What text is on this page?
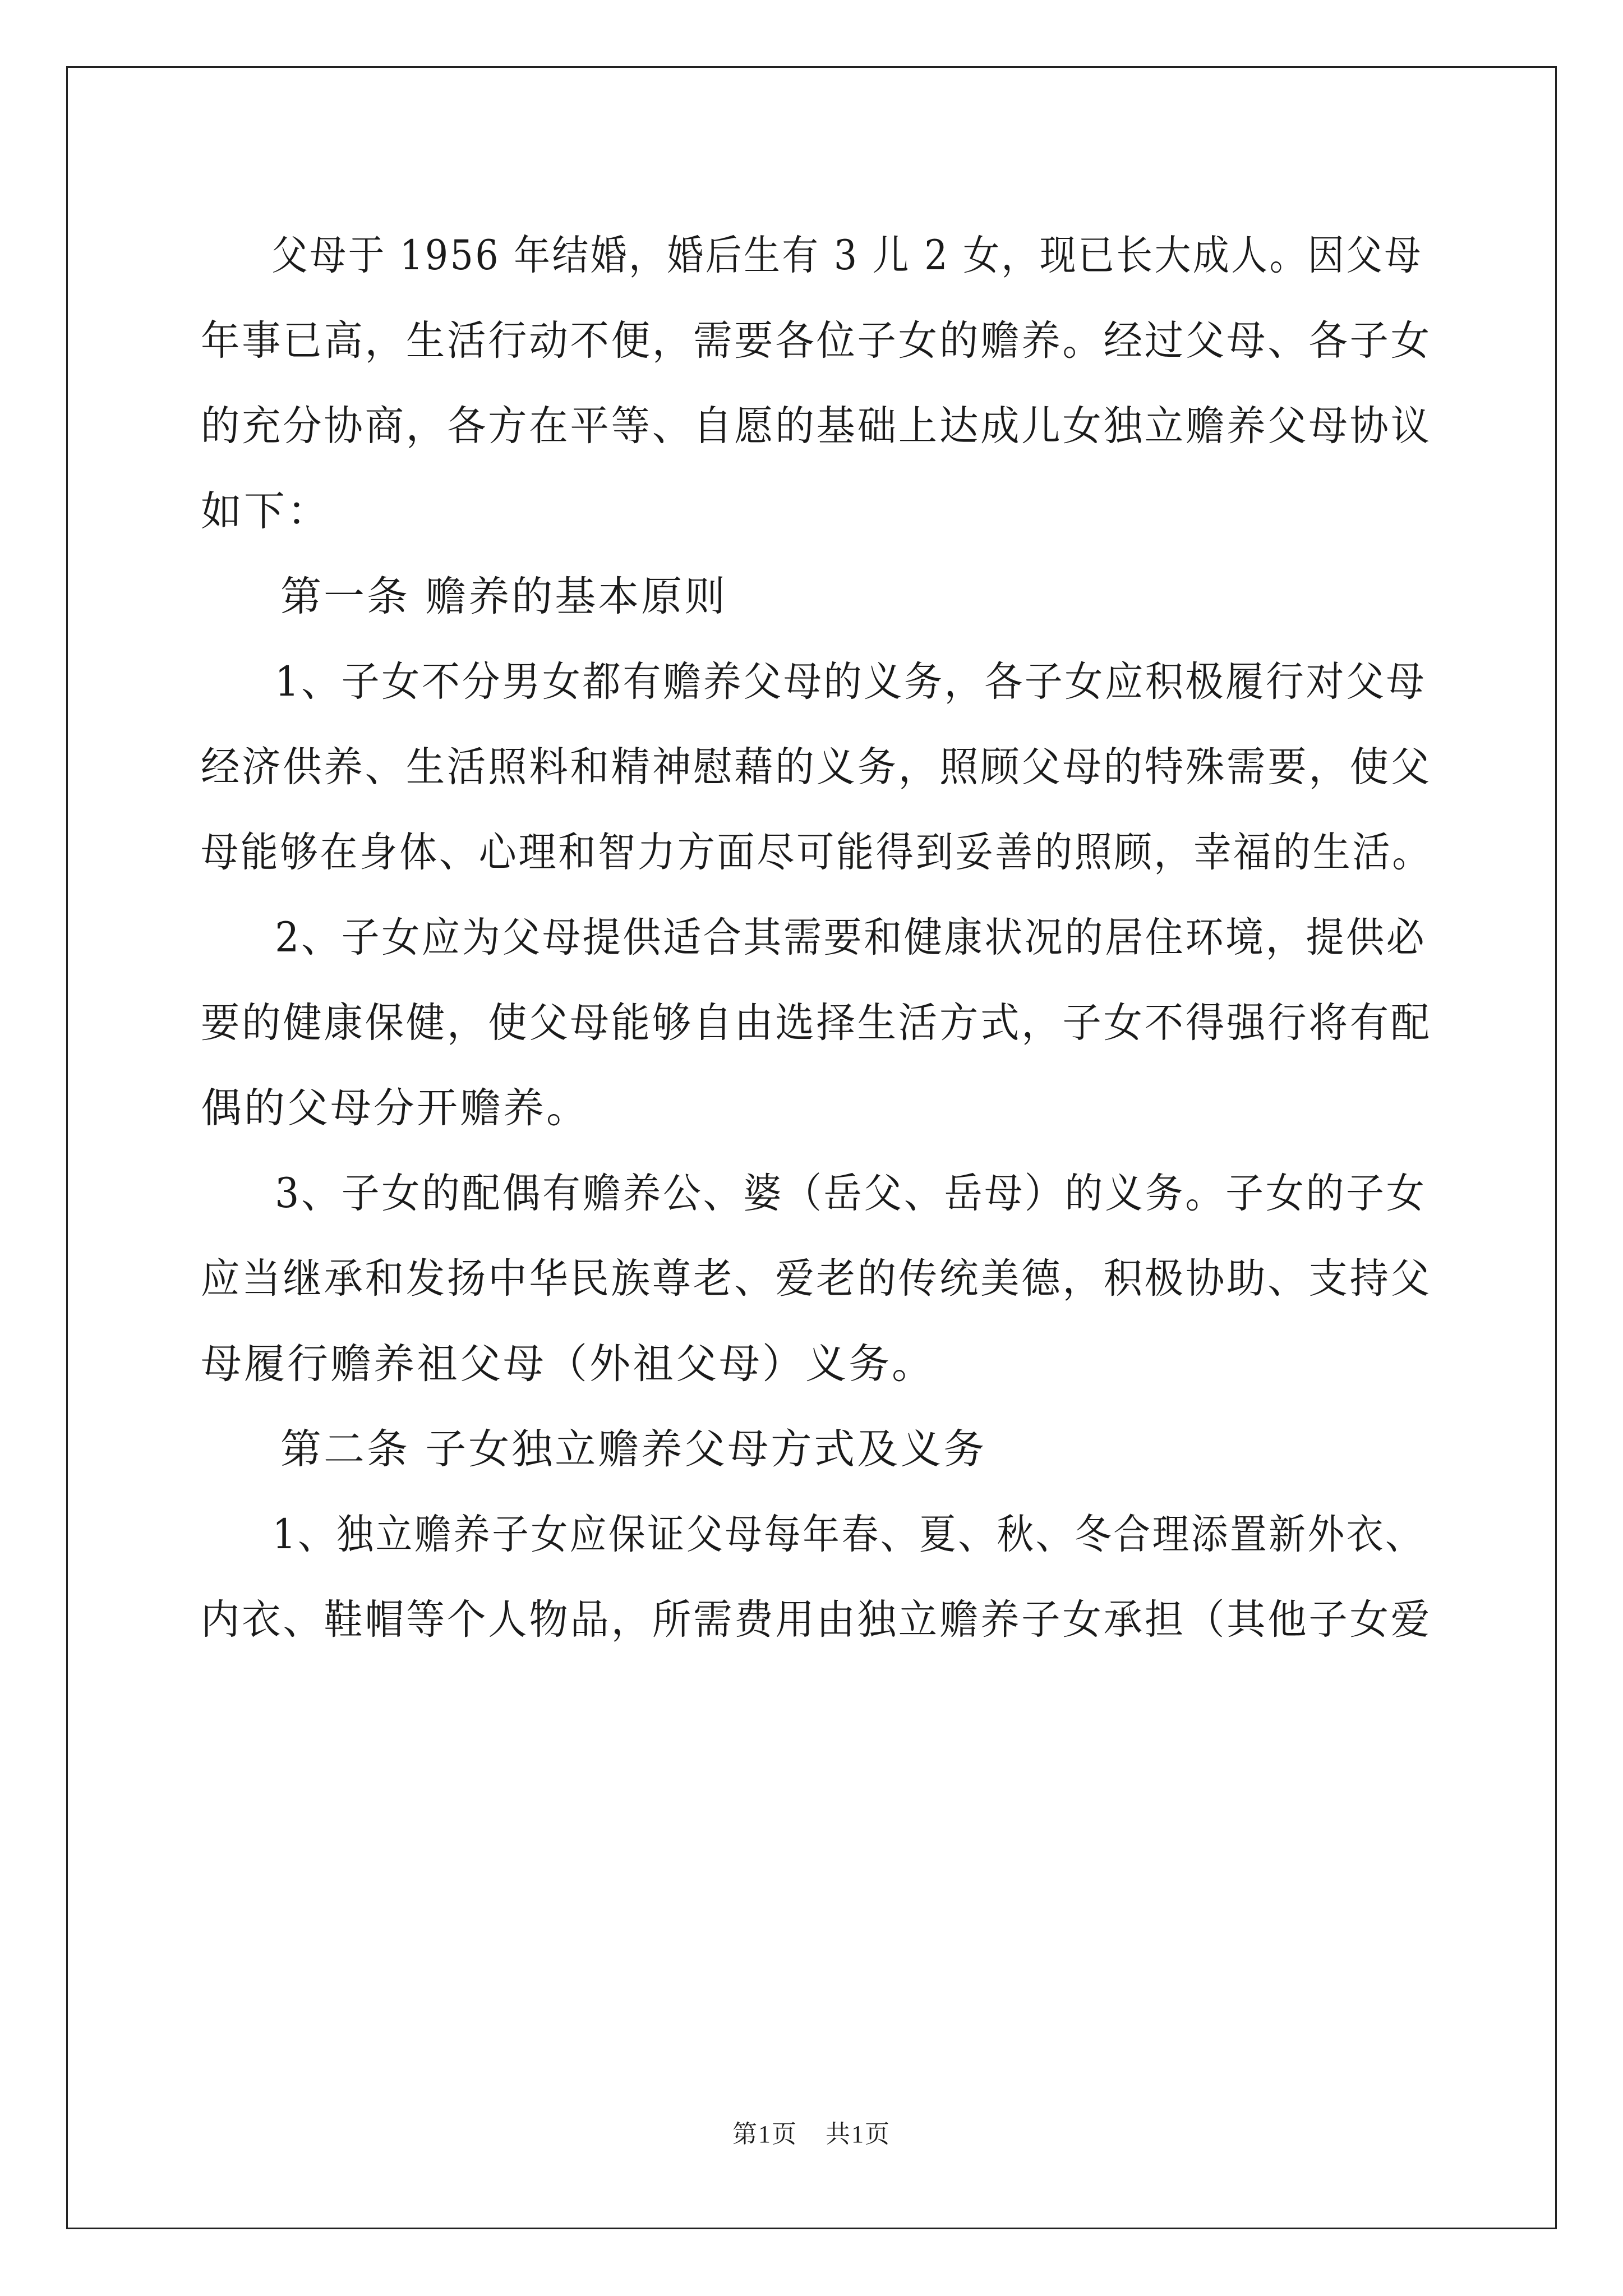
父母于 1956 年结婚，婚后生有 3 儿 2 女，现已长大成人。因父母
年事已高，生活行动不便，需要各位子女的赡养。经过父母、各子女
的充分协商，各方在平等、自愿的基础上达成儿女独立赡养父母协议
如下：
第一条 赡养的基本原则
1、子女不分男女都有赡养父母的义务，各子女应积极履行对父母
经济供养、生活照料和精神慰藉的义务，照顾父母的特殊需要，使父
母能够在身体、心理和智力方面尽可能得到妥善的照顾，幸福的生活。
2、子女应为父母提供适合其需要和健康状况的居住环境，提供必
要的健康保健，使父母能够自由选择生活方式，子女不得强行将有配
偶的父母分开赡养。
3、子女的配偶有赡养公、婆（岳父、岳母）的义务。子女的子女
应当继承和发扬中华民族尊老、爱老的传统美德，积极协助、支持父
母履行赡养祖父母（外祖父母）义务。
第二条 子女独立赡养父母方式及义务
1、独立赡养子女应保证父母每年春、夏、秋、冬合理添置新外衣、
内衣、鞋帽等个人物品，所需费用由独立赡养子女承担（其他子女爱
第1页 共1页
